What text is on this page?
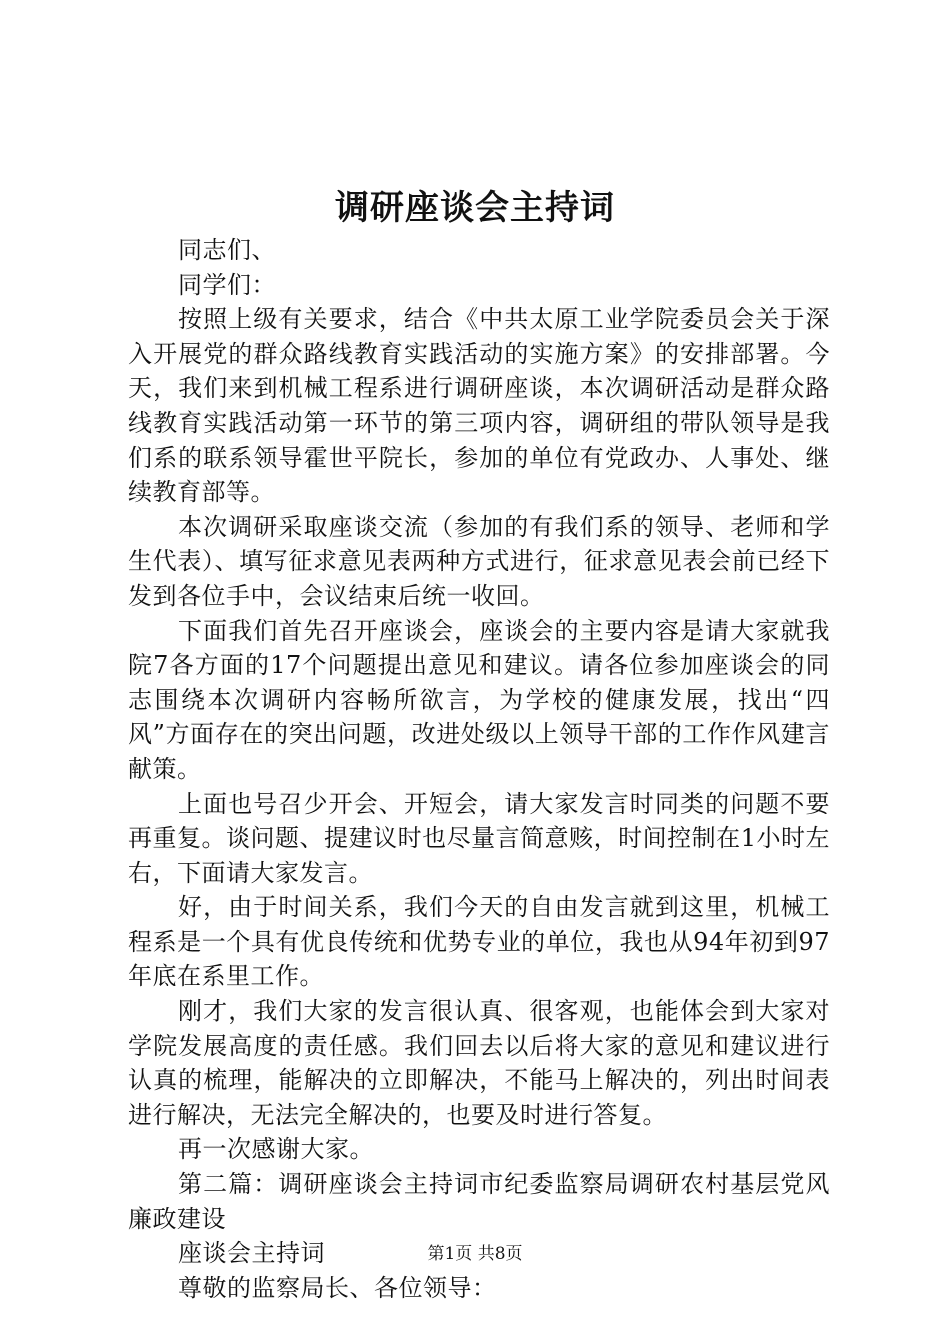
调研座谈会主持词

同志们、

同学们：

按照上级有关要求，结合《中共太原工业学院委员会关于深入开展党的群众路线教育实践活动的实施方案》的安排部署。今天，我们来到机械工程系进行调研座谈，本次调研活动是群众路线教育实践活动第一环节的第三项内容，调研组的带队领导是我们系的联系领导霍世平院长，参加的单位有党政办、人事处、继续教育部等。

本次调研采取座谈交流（参加的有我们系的领导、老师和学生代表）、填写征求意见表两种方式进行，征求意见表会前已经下发到各位手中，会议结束后统一收回。

下面我们首先召开座谈会，座谈会的主要内容是请大家就我院7各方面的17个问题提出意见和建议。请各位参加座谈会的同志围绕本次调研内容畅所欲言，为学校的健康发展，找出“四风”方面存在的突出问题，改进处级以上领导干部的工作作风建言献策。

上面也号召少开会、开短会，请大家发言时同类的问题不要再重复。谈问题、提建议时也尽量言简意赅，时间控制在1小时左右，下面请大家发言。

好，由于时间关系，我们今天的自由发言就到这里，机械工程系是一个具有优良传统和优势专业的单位，我也从94年初到97年底在系里工作。

刚才，我们大家的发言很认真、很客观，也能体会到大家对学院发展高度的责任感。我们回去以后将大家的意见和建议进行认真的梳理，能解决的立即解决，不能马上解决的，列出时间表进行解决，无法完全解决的，也要及时进行答复。

再一次感谢大家。

第二篇：调研座谈会主持词市纪委监察局调研农村基层党风廉政建设

座谈会主持词

尊敬的监察局长、各位领导：

第1页 共8页
